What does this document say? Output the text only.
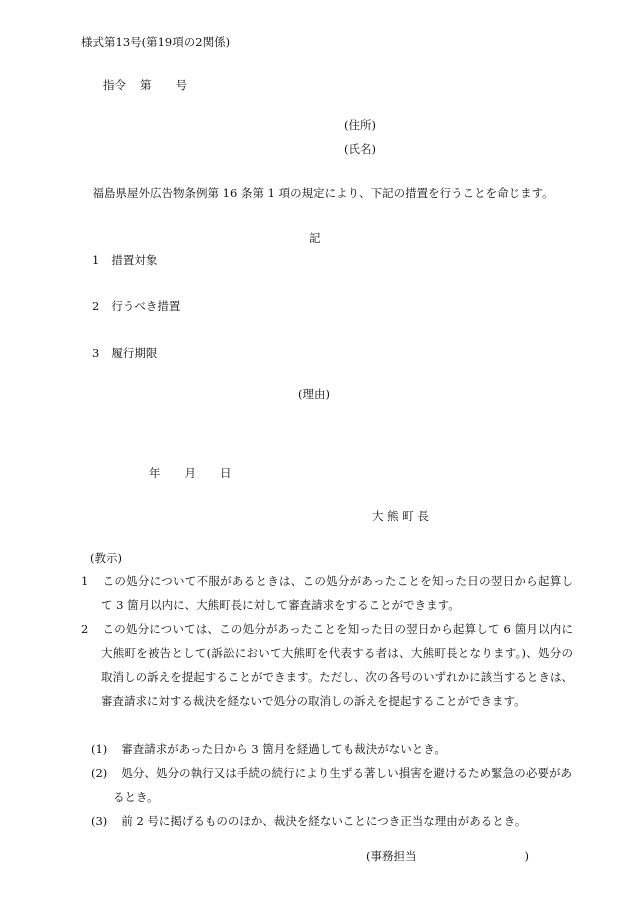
様式第13号(第19項の2関係)
指令 第 号
(住所)
(氏名)
福島県屋外広告物条例第 16 条第 1 項の規定により、下記の措置を行うことを命じます。
記
1 措置対象
2 行うべき措置
3 履行期限
(理由)
年 月 日
大 熊 町 長
(教示)
1 この処分について不服があるときは、この処分があったことを知った日の翌日から起算して 3 箇月以内に、大熊町長に対して審査請求をすることができます。
2 この処分については、この処分があったことを知った日の翌日から起算して 6 箇月以内に大熊町を被告として(訴訟において大熊町を代表する者は、大熊町長となります。)、処分の取消しの訴えを提起することができます。ただし、次の各号のいずれかに該当するときは、審査請求に対する裁決を経ないで処分の取消しの訴えを提起することができます。
(1) 審査請求があった日から 3 箇月を経過しても裁決がないとき。
(2) 処分、処分の執行又は手続の続行により生ずる著しい損害を避けるため緊急の必要があるとき。
(3) 前 2 号に掲げるもののほか、裁決を経ないことにつき正当な理由があるとき。
(事務担当	)
